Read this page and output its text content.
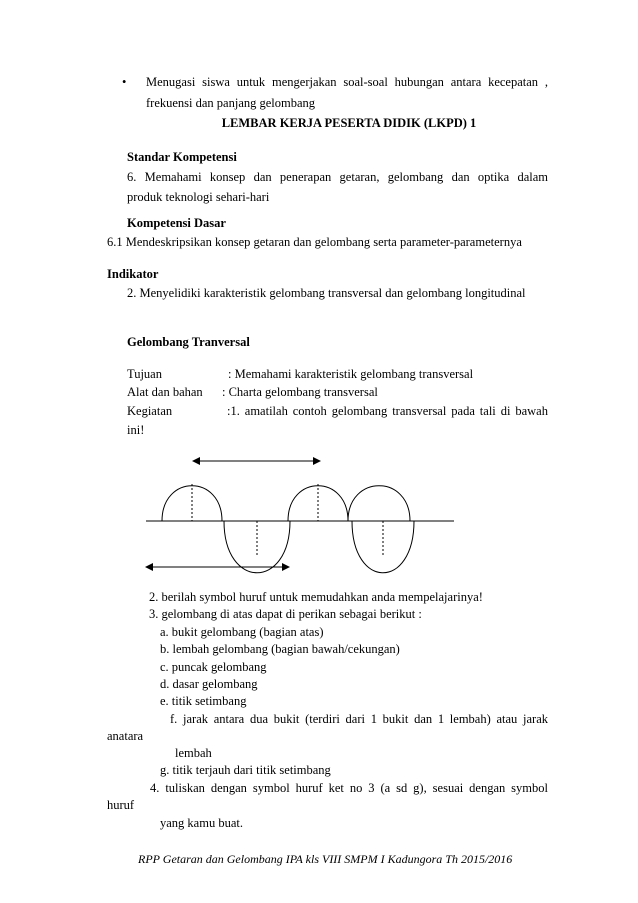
• Menugasi siswa untuk mengerjakan soal-soal hubungan antara kecepatan ,
frekuensi dan panjang gelombang
LEMBAR KERJA PESERTA DIDIK (LKPD) 1
Standar Kompetensi
6. Memahami konsep dan penerapan getaran, gelombang dan optika dalam
produk teknologi sehari-hari
Kompetensi Dasar
6.1 Mendeskripsikan konsep getaran dan gelombang serta parameter-parameternya
Indikator
2. Menyelidiki karakteristik gelombang transversal dan gelombang longitudinal
Gelombang Tranversal
Tujuan	: Memahami karakteristik gelombang transversal
Alat dan bahan : Charta gelombang transversal
Kegiatan	:1. amatilah contoh gelombang transversal pada tali di bawah
ini!
2. berilah symbol huruf untuk memudahkan anda mempelajarinya!
3. gelombang di atas dapat di perikan sebagai berikut :
a. bukit gelombang (bagian atas)
b. lembah gelombang (bagian bawah/cekungan)
c. puncak gelombang
d. dasar gelombang
e. titik setimbang
f. jarak antara dua bukit (terdiri dari 1 bukit dan 1 lembah) atau jarak
anatara
lembah
g. titik terjauh dari titik setimbang
4. tuliskan dengan symbol huruf ket no 3 (a sd g), sesuai dengan symbol
huruf
yang kamu buat.
RPP Getaran dan Gelombang IPA kls VIII SMPM I Kadungora Th 2015/2016
